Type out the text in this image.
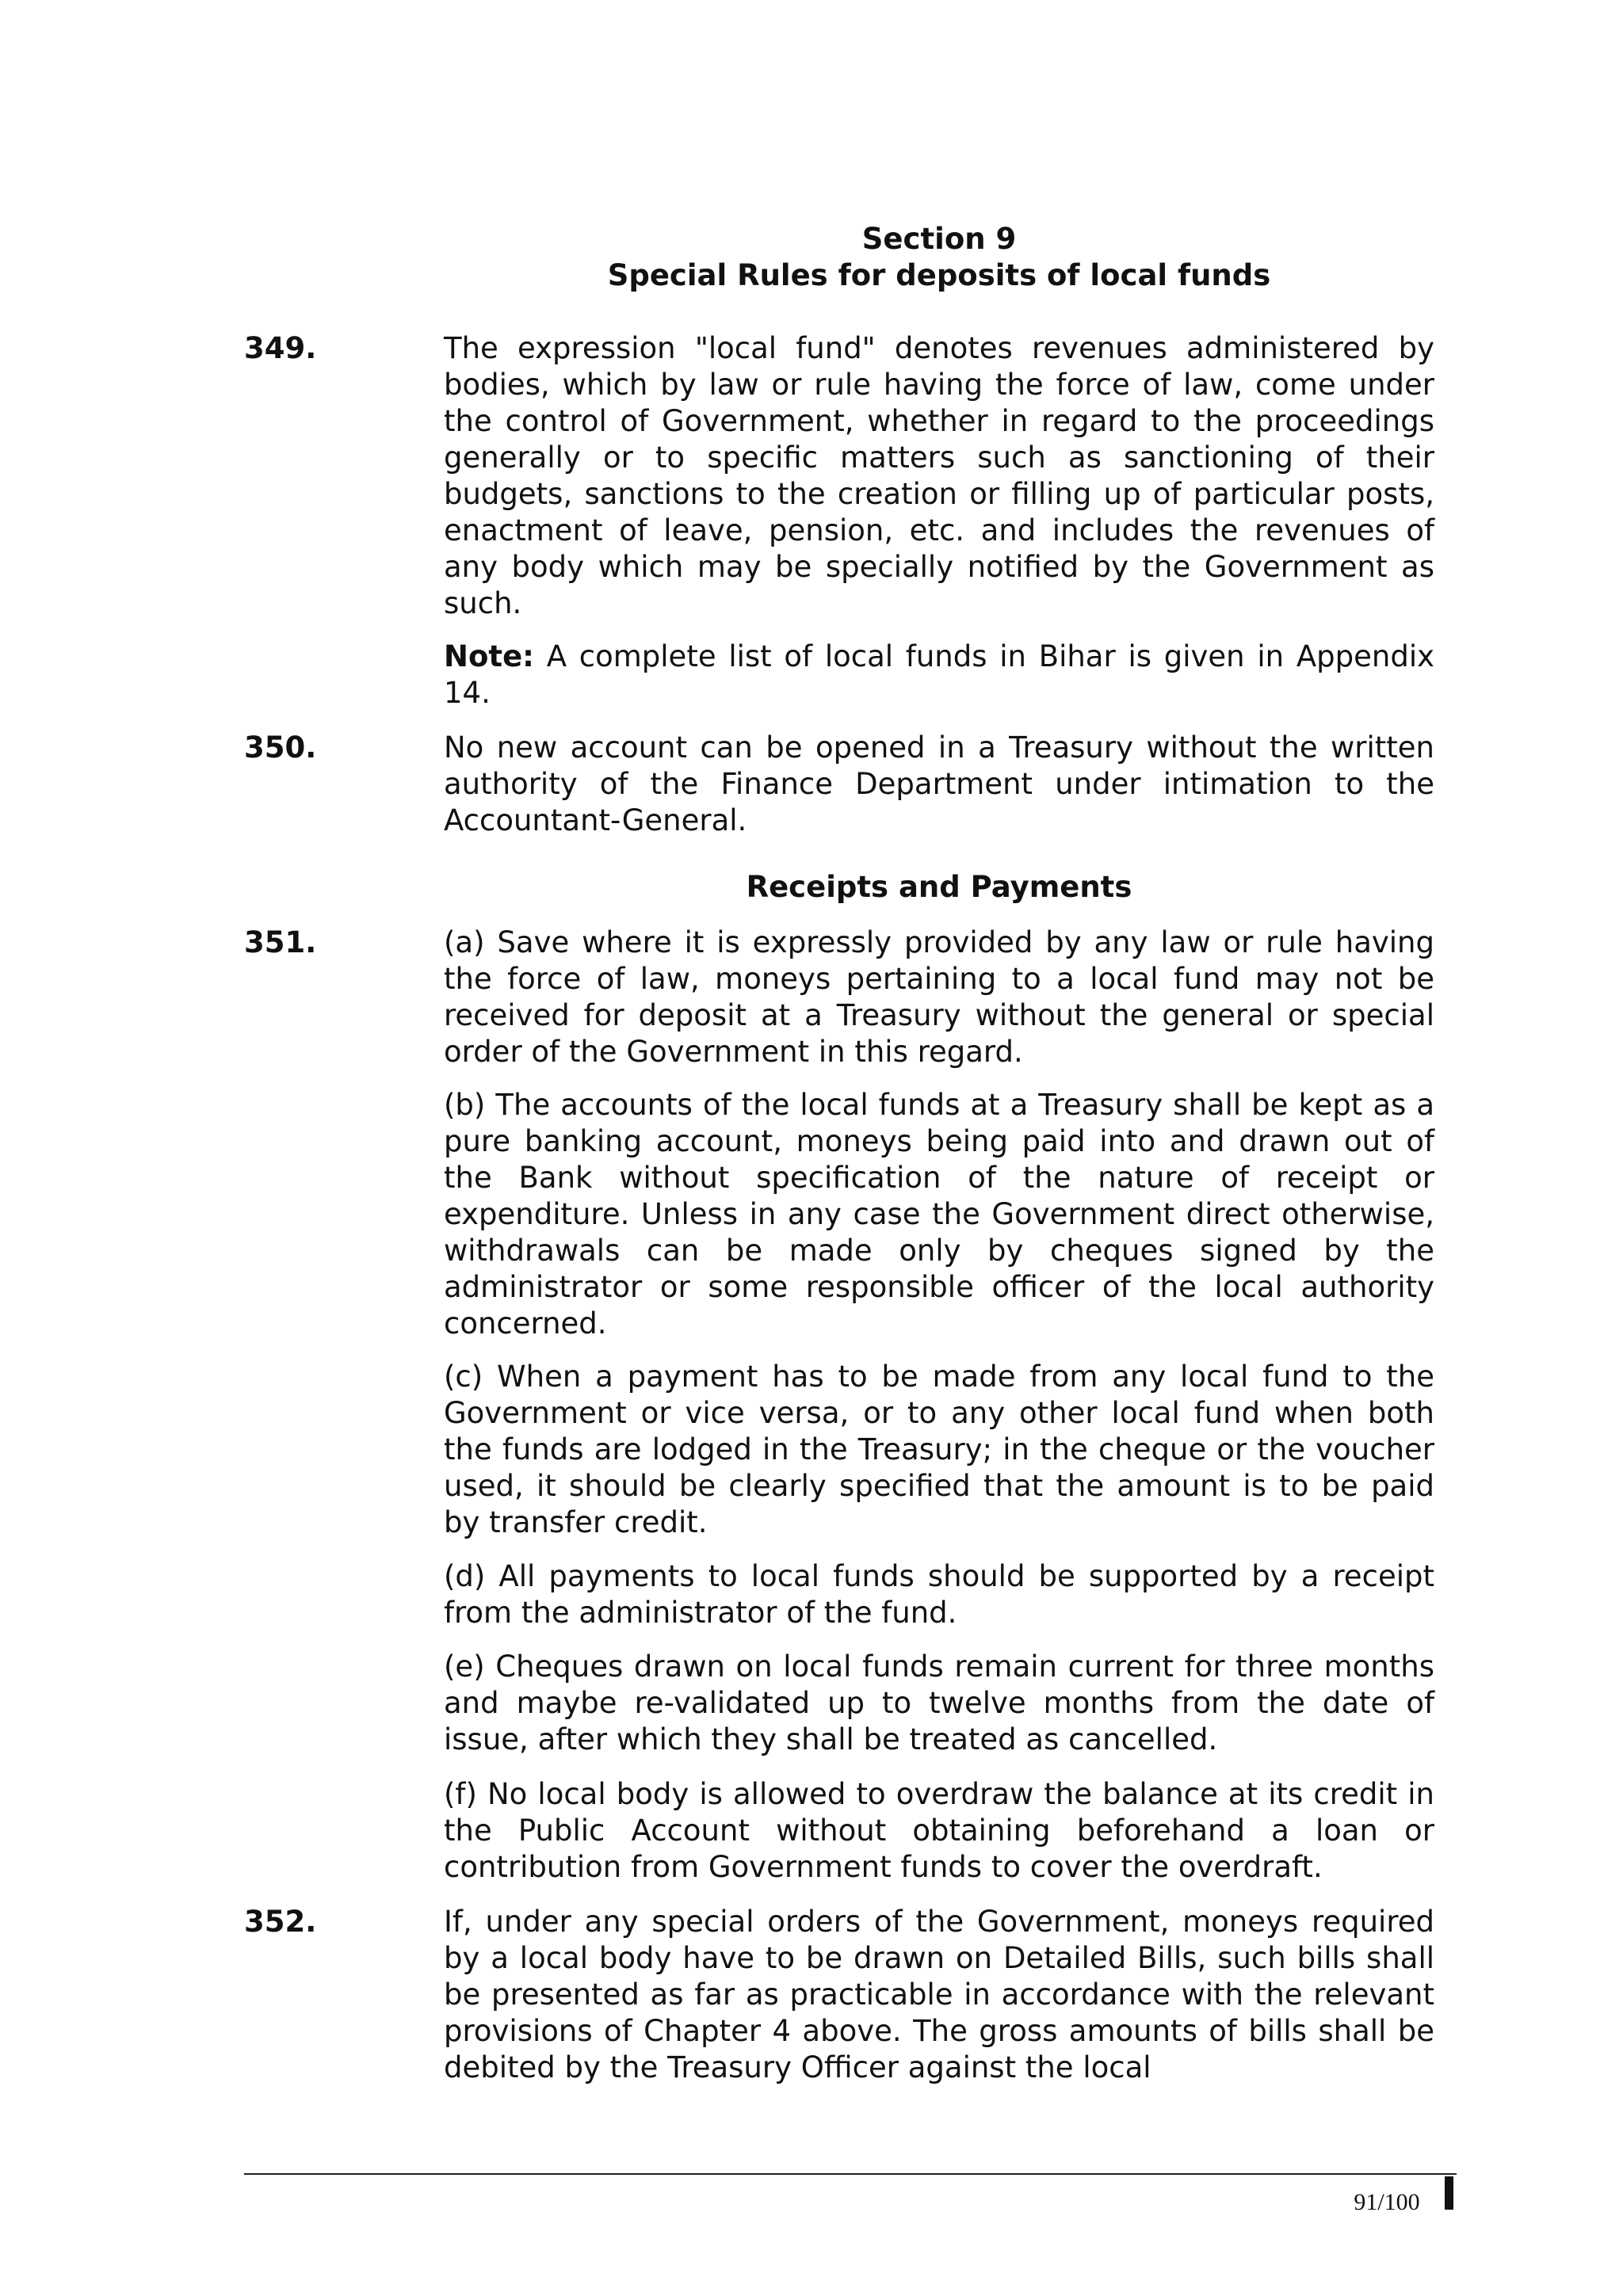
Section 9
Special Rules for deposits of local funds
349.	The expression "local fund" denotes revenues administered by bodies, which by law or rule having the force of law, come under the control of Government, whether in regard to the proceedings generally or to specific matters such as sanctioning of their budgets, sanctions to the creation or filling up of particular posts, enactment of leave, pension, etc. and includes the revenues of any body which may be specially notified by the Government as such.
Note: A complete list of local funds in Bihar is given in Appendix 14.
350.	No new account can be opened in a Treasury without the written authority of the Finance Department under intimation to the Accountant-General.
Receipts and Payments
351.	(a) Save where it is expressly provided by any law or rule having the force of law, moneys pertaining to a local fund may not be received for deposit at a Treasury without the general or special order of the Government in this regard.
(b) The accounts of the local funds at a Treasury shall be kept as a pure banking account, moneys being paid into and drawn out of the Bank without specification of the nature of receipt or expenditure. Unless in any case the Government direct otherwise, withdrawals can be made only by cheques signed by the administrator or some responsible officer of the local authority concerned.
(c) When a payment has to be made from any local fund to the Government or vice versa, or to any other local fund when both the funds are lodged in the Treasury; in the cheque or the voucher used, it should be clearly specified that the amount is to be paid by transfer credit.
(d) All payments to local funds should be supported by a receipt from the administrator of the fund.
(e) Cheques drawn on local funds remain current for three months and maybe re-validated up to twelve months from the date of issue, after which they shall be treated as cancelled.
(f) No local body is allowed to overdraw the balance at its credit in the Public Account without obtaining beforehand a loan or contribution from Government funds to cover the overdraft.
352.	If, under any special orders of the Government, moneys required by a local body have to be drawn on Detailed Bills, such bills shall be presented as far as practicable in accordance with the relevant provisions of Chapter 4 above. The gross amounts of bills shall be debited by the Treasury Officer against the local
91/100
